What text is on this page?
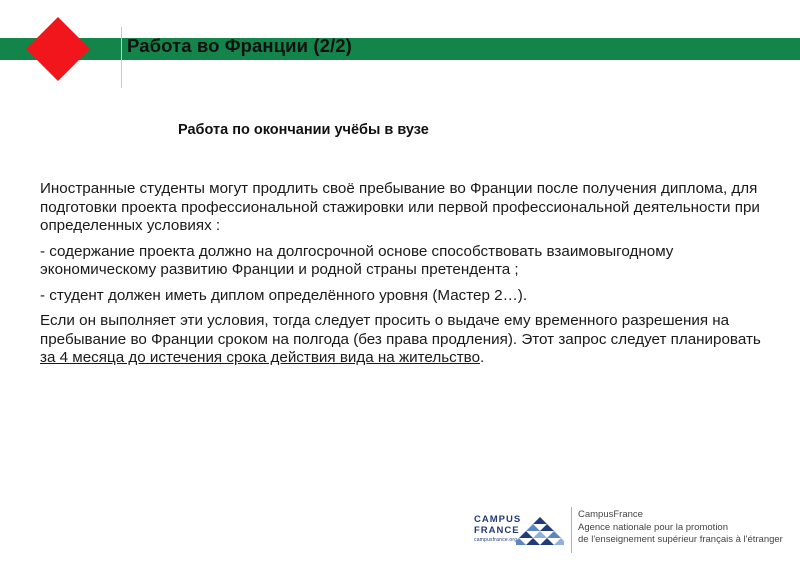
Работа во Франции (2/2)
Работа по окончании учёбы в вузе

Иностранные студенты могут продлить своё пребывание во Франции после получения диплома, для подготовки проекта профессиональной стажировки или первой профессиональной деятельности при определенных условиях :

- содержание проекта должно на долгосрочной основе способствовать взаимовыгодному экономическому развитию Франции и родной страны претендента ;

- студент должен иметь диплом определённого уровня (Мастер 2…).

Если он выполняет эти условия, тогда следует просить о выдаче ему временного разрешения на пребывание во Франции сроком на полгода (без права продления). Этот запрос следует планировать за 4 месяца до истечения срока действия вида на жительство.

CAMPUS
FRANCE
campusfrance.org
CampusFrance
Agence nationale pour la promotion
de l'enseignement supérieur français à l'étranger
